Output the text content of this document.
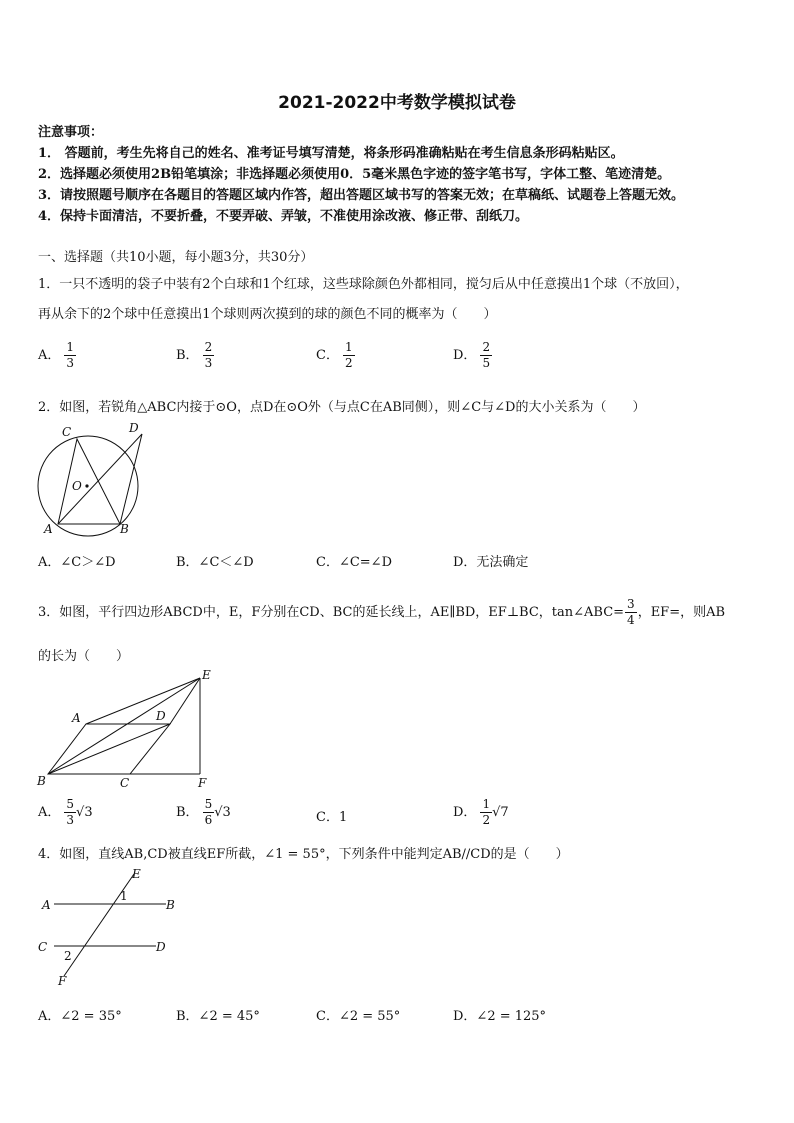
2021-2022中考数学模拟试卷
注意事项：
1． 答题前，考生先将自己的姓名、准考证号填写清楚，将条形码准确粘贴在考生信息条形码粘贴区。
2．选择题必须使用2B铅笔填涂；非选择题必须使用0．5毫米黑色字迹的签字笔书写，字体工整、笔迹清楚。
3．请按照题号顺序在各题目的答题区域内作答，超出答题区域书写的答案无效；在草稿纸、试题卷上答题无效。
4．保持卡面清洁，不要折叠，不要弄破、弄皱，不准使用涂改液、修正带、刮纸刀。
一、选择题（共10小题，每小题3分，共30分）
1．一只不透明的袋子中装有2个白球和1个红球，这些球除颜色外都相同，搅匀后从中任意摸出1个球（不放回），
再从余下的2个球中任意摸出1个球则两次摸到的球的颜色不同的概率为（　　）
A． $\frac{1}{3}$	B． $\frac{2}{3}$	C． $\frac{1}{2}$	D． $\frac{2}{5}$
2．如图，若锐角△ABC内接于⊙O，点D在⊙O外（与点C在AB同侧），则∠C与∠D的大小关系为（　　）
C	D
O
A	B
A．∠C＞∠D	B．∠C＜∠D	C．∠C=∠D	D．无法确定
3．如图，平行四边形ABCD中，E，F分别在CD、BC的延长线上，AE∥BD，EF⊥BC，tan∠ABC= $\frac{3}{4}$ ，EF=，则AB
的长为（　　）
E
A	D
B	C	F
A． $\frac{5}{3} √3$	B． $\frac{5}{6} √3$	C．1	D． $\frac{1}{2} √7$
4．如图，直线AB,CD被直线EF所截，∠1 = 55°，下列条件中能判定AB//CD的是（　　）
E
A	B
C	D
F
1
2
A．∠2 = 35°	B．∠2 = 45°	C．∠2 = 55°	D．∠2 = 125°
